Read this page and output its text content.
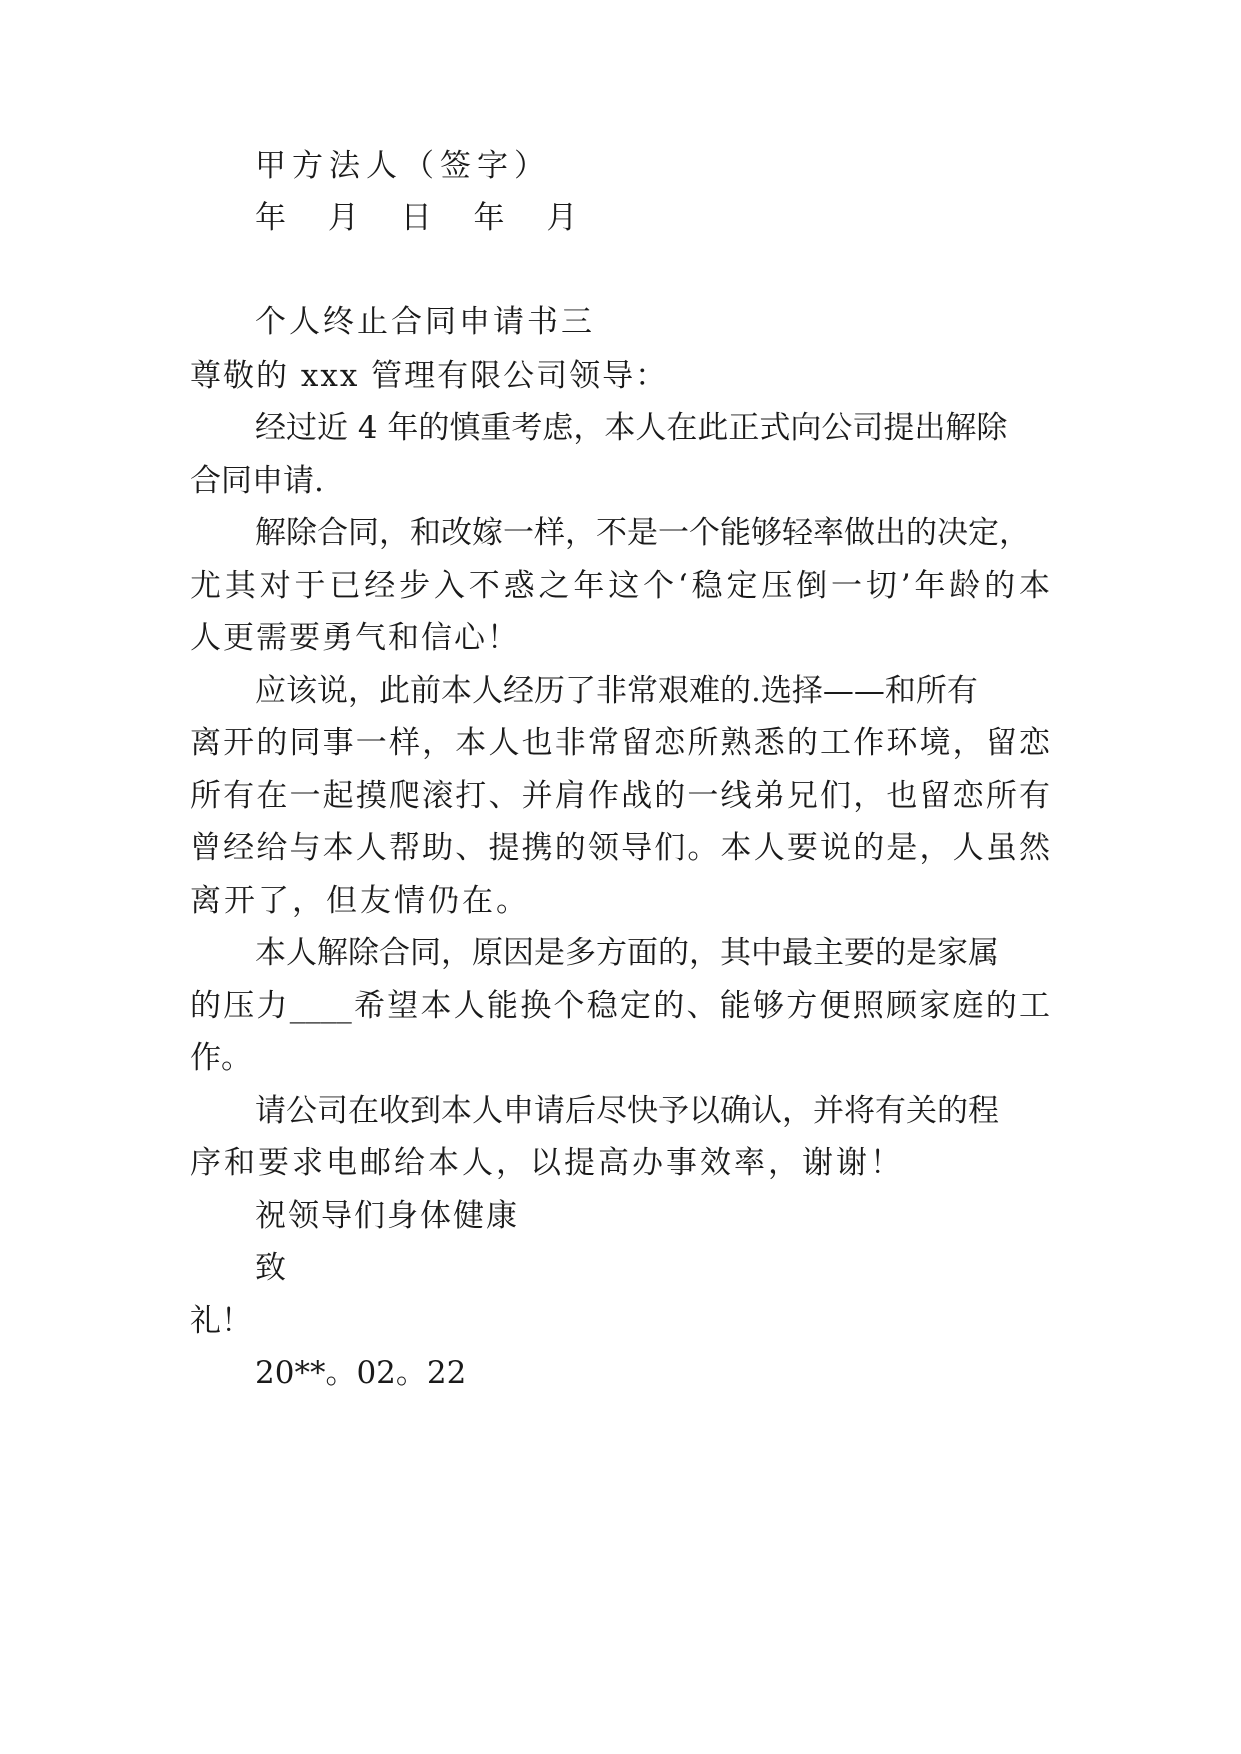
甲方法人（签字）
年 月 日 年 月
个人终止合同申请书三
尊敬的 xxx 管理有限公司领导：
经过近 4 年的慎重考虑，本人在此正式向公司提出解除
合同申请.
解除合同，和改嫁一样，不是一个能够轻率做出的决定，
尤其对于已经步入不惑之年这个‘稳定压倒一切’年龄的本
人更需要勇气和信心！
应该说，此前本人经历了非常艰难的.选择——和所有
离开的同事一样，本人也非常留恋所熟悉的工作环境，留恋
所有在一起摸爬滚打、并肩作战的一线弟兄们，也留恋所有
曾经给与本人帮助、提携的领导们。本人要说的是，人虽然
离开了，但友情仍在。
本人解除合同，原因是多方面的，其中最主要的是家属
的压力____希望本人能换个稳定的、能够方便照顾家庭的工
作。
请公司在收到本人申请后尽快予以确认，并将有关的程
序和要求电邮给本人，以提高办事效率，谢谢！
祝领导们身体健康
致
礼！
20**。02。22
